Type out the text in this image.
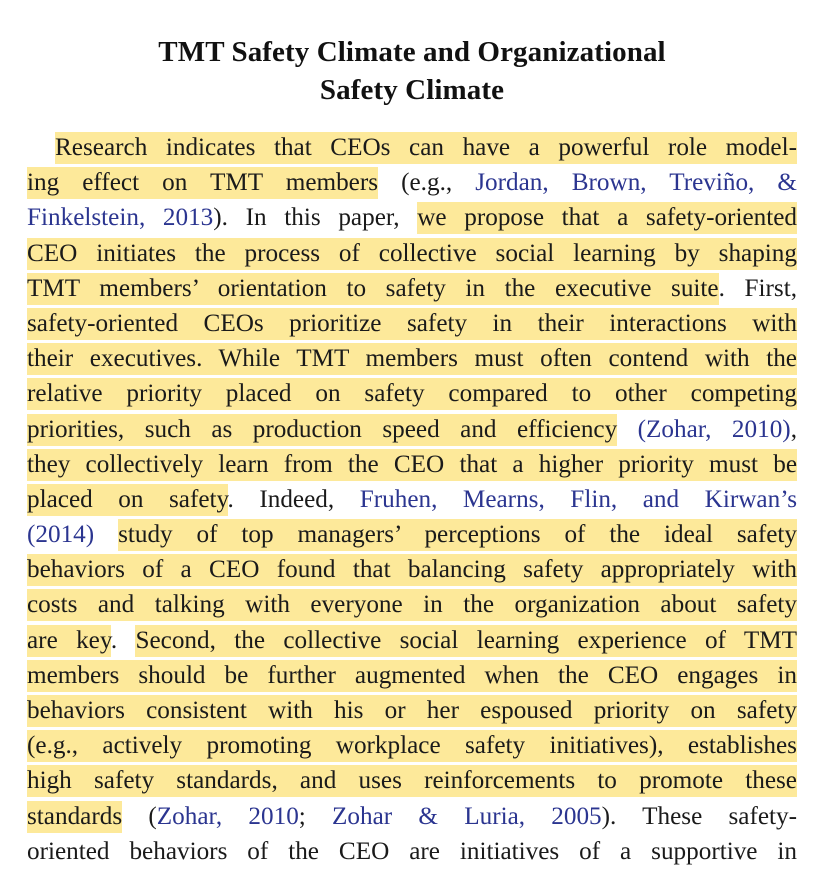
TMT Safety Climate and Organizational
Safety Climate
Research indicates that CEOs can have a powerful role model-
ing effect on TMT members (e.g., Jordan, Brown, Treviño, &
Finkelstein, 2013). In this paper, we propose that a safety-oriented
CEO initiates the process of collective social learning by shaping
TMT members’ orientation to safety in the executive suite. First,
safety-oriented CEOs prioritize safety in their interactions with
their executives. While TMT members must often contend with the
relative priority placed on safety compared to other competing
priorities, such as production speed and efficiency (Zohar, 2010),
they collectively learn from the CEO that a higher priority must be
placed on safety. Indeed, Fruhen, Mearns, Flin, and Kirwan’s
(2014) study of top managers’ perceptions of the ideal safety
behaviors of a CEO found that balancing safety appropriately with
costs and talking with everyone in the organization about safety
are key. Second, the collective social learning experience of TMT
members should be further augmented when the CEO engages in
behaviors consistent with his or her espoused priority on safety
(e.g., actively promoting workplace safety initiatives), establishes
high safety standards, and uses reinforcements to promote these
standards (Zohar, 2010; Zohar & Luria, 2005). These safety-
oriented behaviors of the CEO are initiatives of a supportive in
